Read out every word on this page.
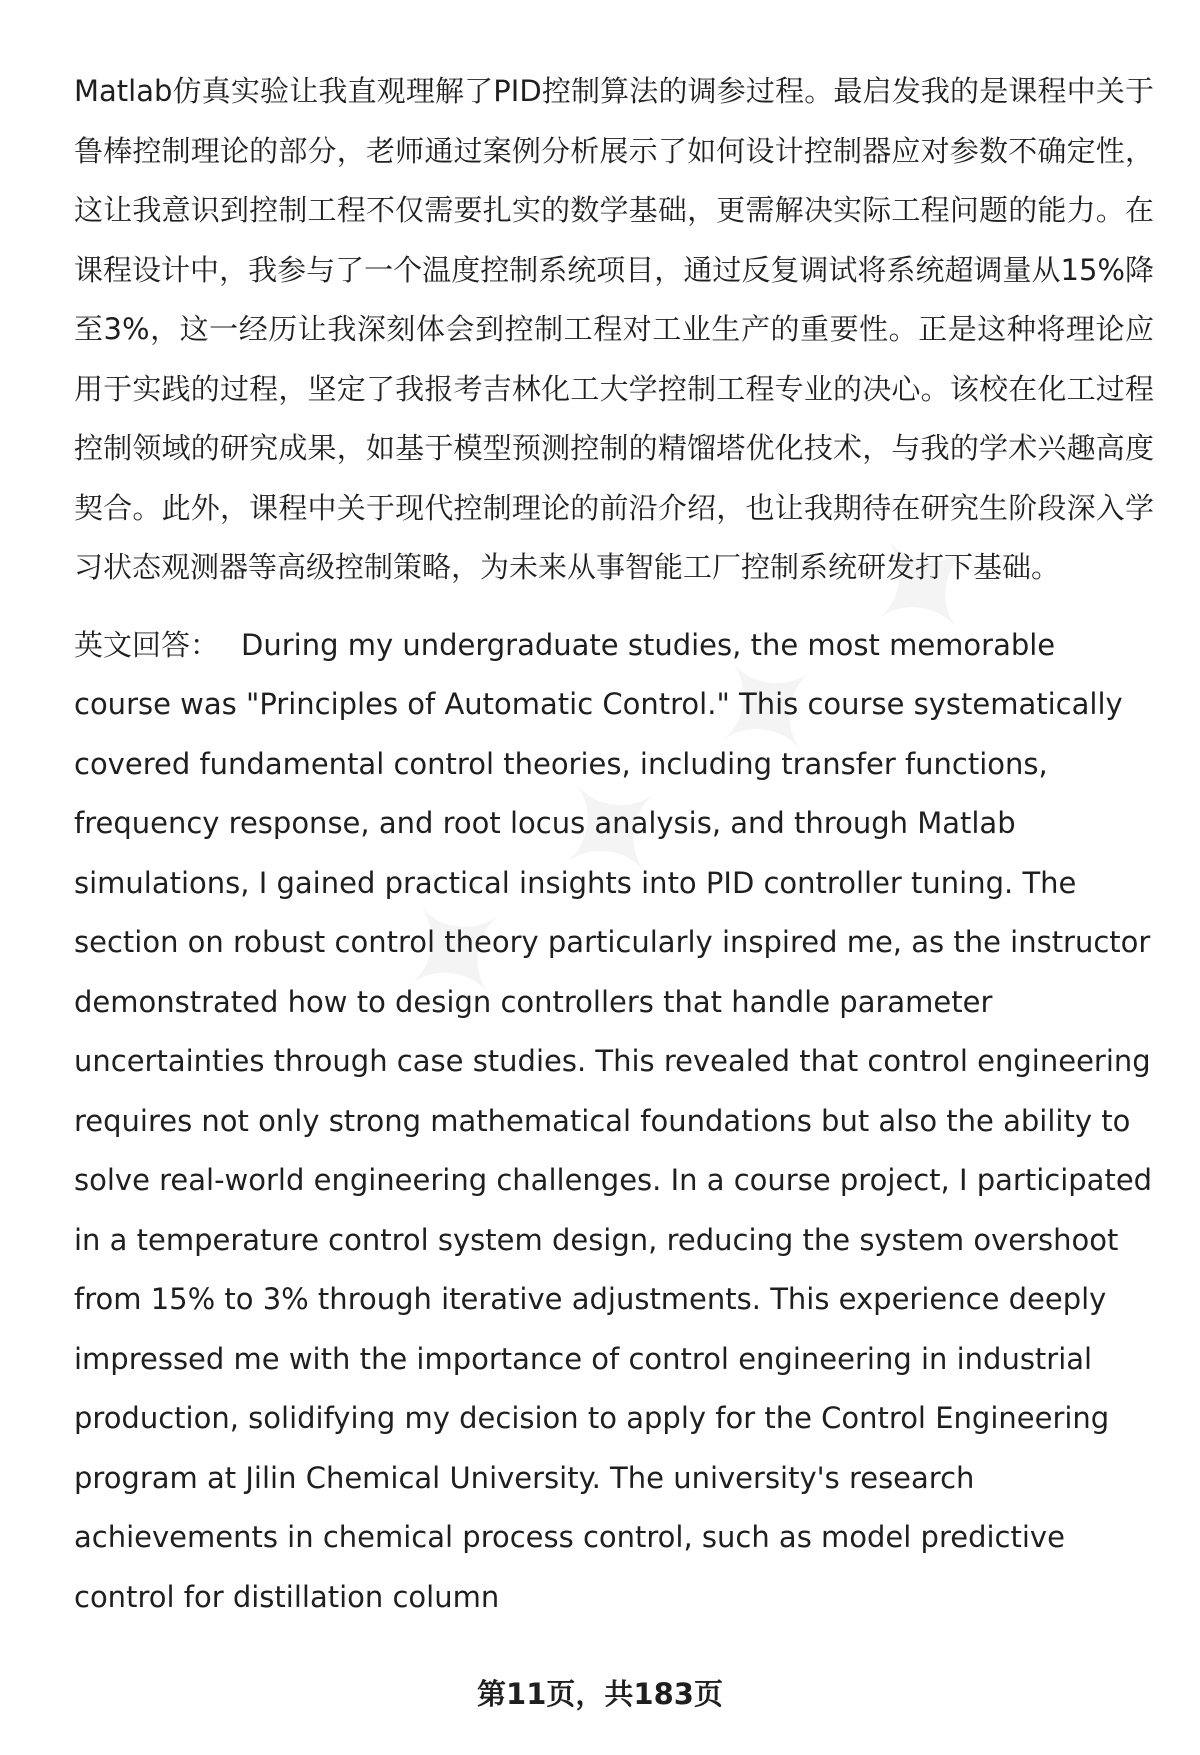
Matlab仿真实验让我直观理解了PID控制算法的调参过程。最启发我的是课程中关于鲁棒控制理论的部分，老师通过案例分析展示了如何设计控制器应对参数不确定性，这让我意识到控制工程不仅需要扎实的数学基础，更需解决实际工程问题的能力。在课程设计中，我参与了一个温度控制系统项目，通过反复调试将系统超调量从15%降至3%，这一经历让我深刻体会到控制工程对工业生产的重要性。正是这种将理论应用于实践的过程，坚定了我报考吉林化工大学控制工程专业的决心。该校在化工过程控制领域的研究成果，如基于模型预测控制的精馏塔优化技术，与我的学术兴趣高度契合。此外，课程中关于现代控制理论的前沿介绍，也让我期待在研究生阶段深入学习状态观测器等高级控制策略，为未来从事智能工厂控制系统研发打下基础。

英文回答： During my undergraduate studies, the most memorable course was "Principles of Automatic Control." This course systematically covered fundamental control theories, including transfer functions, frequency response, and root locus analysis, and through Matlab simulations, I gained practical insights into PID controller tuning. The section on robust control theory particularly inspired me, as the instructor demonstrated how to design controllers that handle parameter uncertainties through case studies. This revealed that control engineering requires not only strong mathematical foundations but also the ability to solve real-world engineering challenges. In a course project, I participated in a temperature control system design, reducing the system overshoot from 15% to 3% through iterative adjustments. This experience deeply impressed me with the importance of control engineering in industrial production, solidifying my decision to apply for the Control Engineering program at Jilin Chemical University. The university's research achievements in chemical process control, such as model predictive control for distillation column

第11页，共183页
